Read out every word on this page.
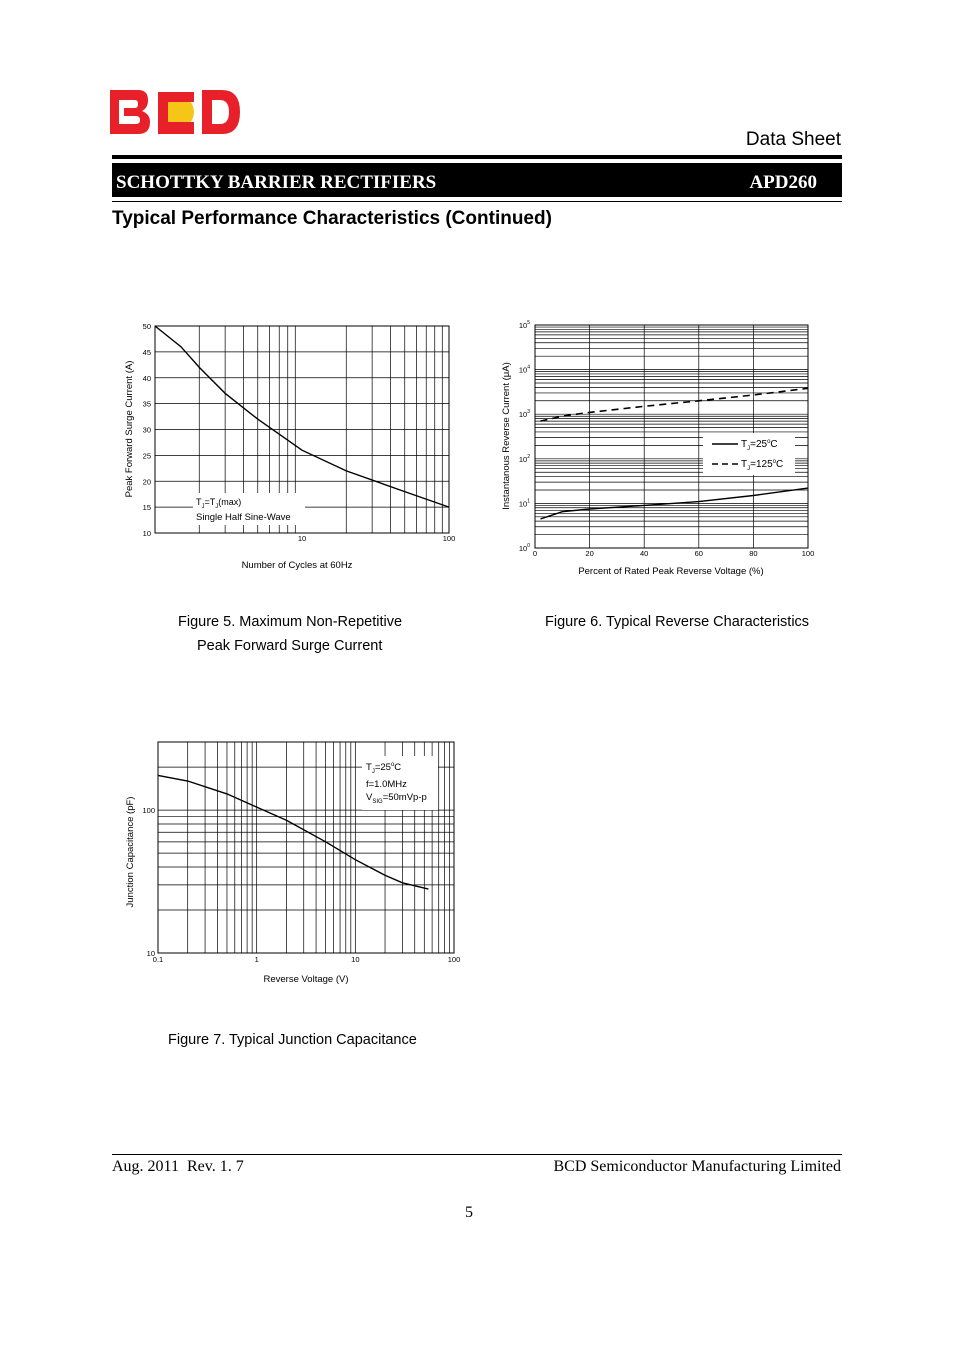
Data Sheet
SCHOTTKY BARRIER RECTIFIERS	APD260
Typical Performance Characteristics (Continued)
10
15
20
25
30
35
40
45
50
10	100
$T_J=T_J(\max)$
Single Half Sine-Wave
Number of Cycles at 60Hz
Peak Forward Surge Current (A)
Figure 5. Maximum Non-Repetitive
Peak Forward Surge Current
0	20	40	60	80	100
$10^0$
$10^1$
$10^2$
$10^3$
$10^4$
$10^5$
$T_J=25^oC$
$T_J=125^oC$
Percent of Rated Peak Reverse Voltage (%)
Instantanous Reverse Current (μA)
Figure 6. Typical Reverse Characteristics
10
100
0.1	1	10	100
$T_J=25^oC$
f=1.0MHz
$V_{SIG}=50mVp-p$
Reverse Voltage (V)
Junction Capacitance (pF)
Figure 7. Typical Junction Capacitance
Aug. 2011  Rev. 1. 7	BCD Semiconductor Manufacturing Limited
5
